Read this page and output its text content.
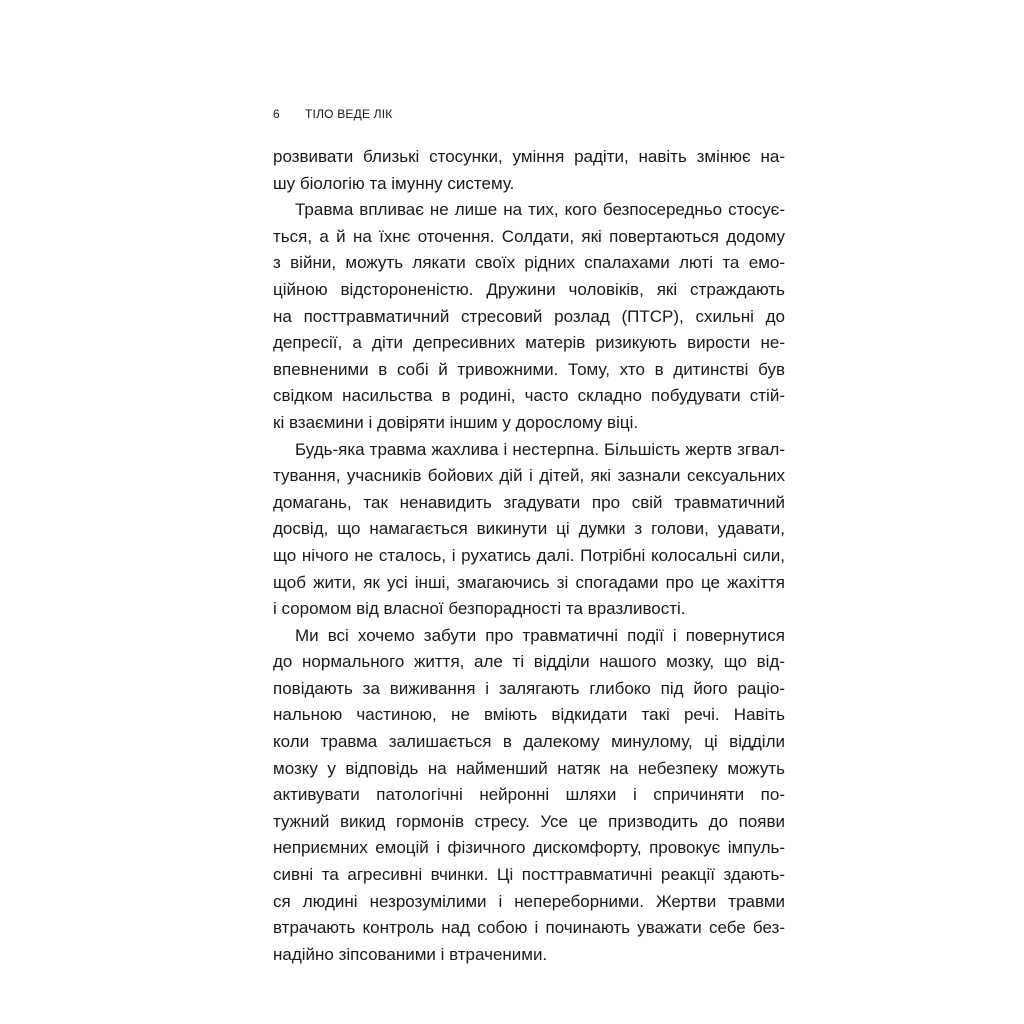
6 ТІЛО ВЕДЕ ЛІК
розвивати близькі стосунки, уміння радіти, навіть змінює на-
шу біологію та імунну систему.
Травма впливає не лише на тих, кого безпосередньо стосує-
ться, а й на їхнє оточення. Солдати, які повертаються додому
з війни, можуть лякати своїх рідних спалахами люті та емо-
ційною відстороненістю. Дружини чоловіків, які страждають
на посттравматичний стресовий розлад (ПТСР), схильні до
депресії, а діти депресивних матерів ризикують вирости не-
впевненими в собі й тривожними. Тому, хто в дитинстві був
свідком насильства в родині, часто складно побудувати стій-
кі взаємини і довіряти іншим у дорослому віці.
Будь-яка травма жахлива і нестерпна. Більшість жертв згвал-
тування, учасників бойових дій і дітей, які зазнали сексуальних
домагань, так ненавидить згадувати про свій травматичний
досвід, що намагається викинути ці думки з голови, удавати,
що нічого не сталось, і рухатись далі. Потрібні колосальні сили,
щоб жити, як усі інші, змагаючись зі спогадами про це жахіття
і соромом від власної безпорадності та вразливості.
Ми всі хочемо забути про травматичні події і повернутися
до нормального життя, але ті відділи нашого мозку, що від-
повідають за виживання і залягають глибоко під його раціо-
нальною частиною, не вміють відкидати такі речі. Навіть
коли травма залишається в далекому минулому, ці відділи
мозку у відповідь на найменший натяк на небезпеку можуть
активувати патологічні нейронні шляхи і спричиняти по-
тужний викид гормонів стресу. Усе це призводить до появи
неприємних емоцій і фізичного дискомфорту, провокує імпуль-
сивні та агресивні вчинки. Ці посттравматичні реакції здають-
ся людині незрозумілими і непереборними. Жертви травми
втрачають контроль над собою і починають уважати себе без-
надійно зіпсованими і втраченими.
